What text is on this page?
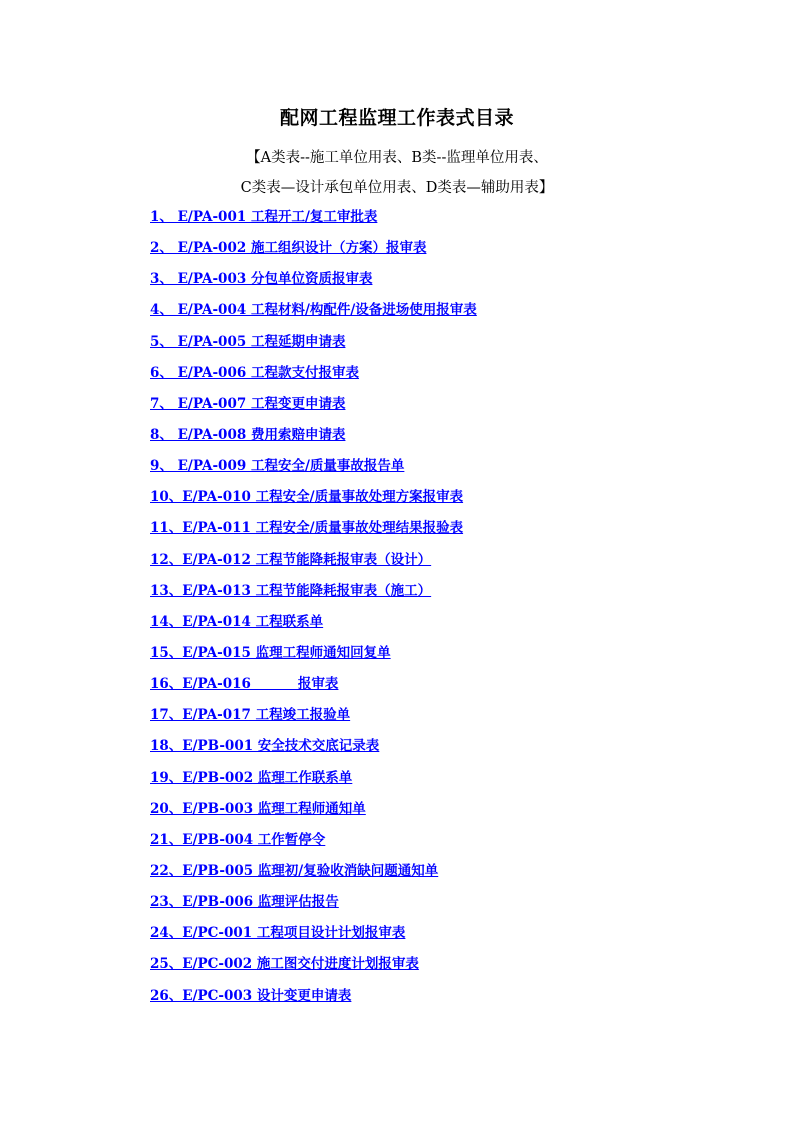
配网工程监理工作表式目录
【A类表--施工单位用表、B类--监理单位用表、
C类表—设计承包单位用表、D类表—辅助用表】
1、 E/PA-001 工程开工/复工审批表
2、 E/PA-002 施工组织设计（方案）报审表
3、 E/PA-003 分包单位资质报审表
4、 E/PA-004 工程材料/构配件/设备进场使用报审表
5、 E/PA-005 工程延期申请表
6、 E/PA-006 工程款支付报审表
7、 E/PA-007 工程变更申请表
8、 E/PA-008 费用索赔申请表
9、 E/PA-009 工程安全/质量事故报告单
10、E/PA-010 工程安全/质量事故处理方案报审表
11、E/PA-011 工程安全/质量事故处理结果报验表
12、E/PA-012 工程节能降耗报审表（设计）
13、E/PA-013 工程节能降耗报审表（施工）
14、E/PA-014 工程联系单
15、E/PA-015 监理工程师通知回复单
16、E/PA-016          报审表
17、E/PA-017 工程竣工报验单
18、E/PB-001 安全技术交底记录表
19、E/PB-002 监理工作联系单
20、E/PB-003 监理工程师通知单
21、E/PB-004 工作暂停令
22、E/PB-005 监理初/复验收消缺问题通知单
23、E/PB-006 监理评估报告
24、E/PC-001 工程项目设计计划报审表
25、E/PC-002 施工图交付进度计划报审表
26、E/PC-003 设计变更申请表
